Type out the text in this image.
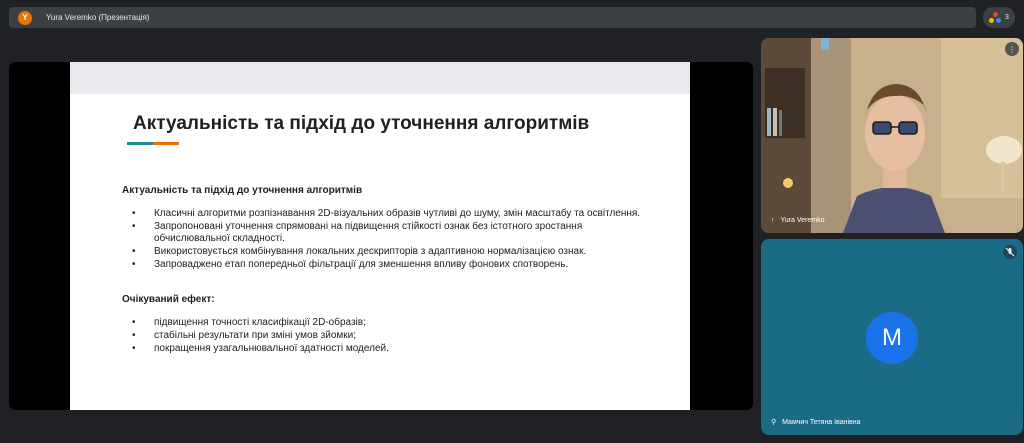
Y	Yura Veremko (Презентація)	3
Актуальність та підхід до уточнення алгоритмів
Актуальність та підхід до уточнення алгоритмів
• Класичні алгоритми розпізнавання 2D-візуальних образів чутливі до шуму, змін масштабу та освітлення.
• Запропоновані уточнення спрямовані на підвищення стійкості ознак без істотного зростання обчислювальної складності.
• Використовується комбінування локальних дескрипторів з адаптивною нормалізацією ознак.
• Запроваджено етап попередньої фільтрації для зменшення впливу фонових спотворень.
Очікуваний ефект:
• підвищення точності класифікації 2D-образів;
• стабільні результати при зміні умов зйомки;
• покращення узагальнювальної здатності моделей.
⋮
↑ Yura Veremko
M
⚲ Мамчич Тетяна Іванівна
